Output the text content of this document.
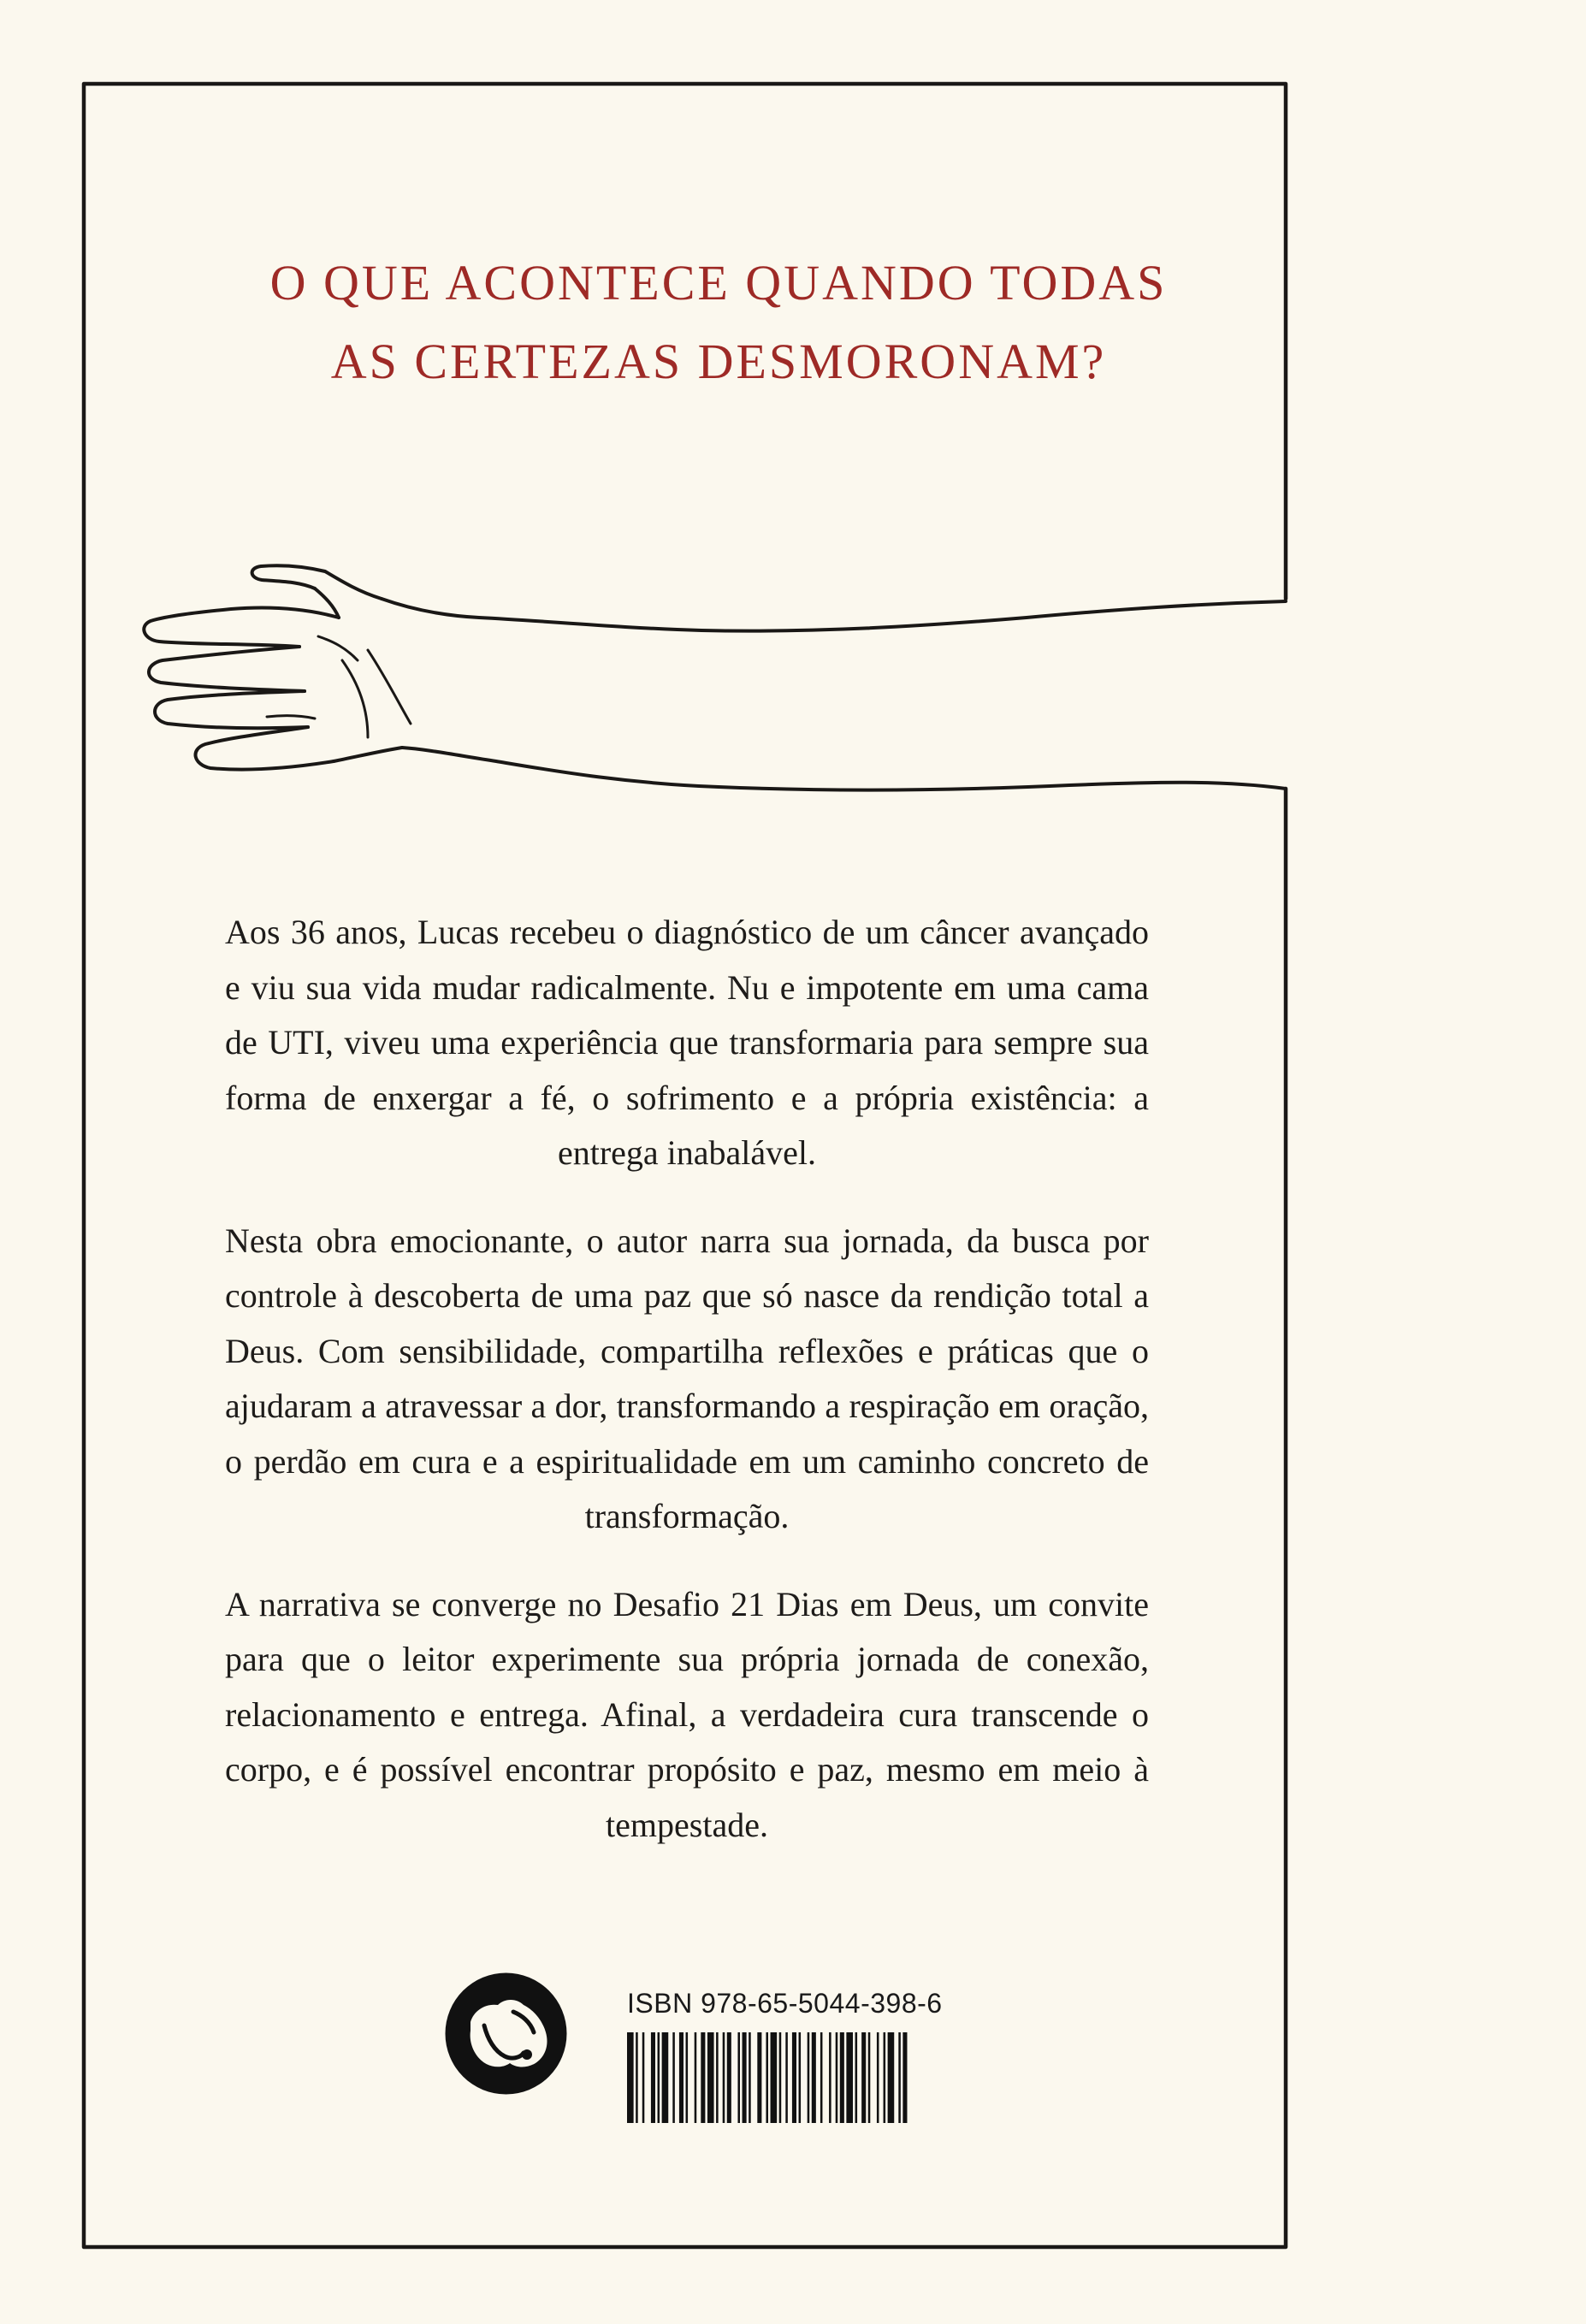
O QUE ACONTECE QUANDO TODAS
AS CERTEZAS DESMORONAM?

Aos 36 anos, Lucas recebeu o diagnóstico de um câncer avançado e viu sua vida mudar radicalmente. Nu e impotente em uma cama de UTI, viveu uma experiência que transformaria para sempre sua forma de enxergar a fé, o sofrimento e a própria existência: a entrega inabalável.

Nesta obra emocionante, o autor narra sua jornada, da busca por controle à descoberta de uma paz que só nasce da rendição total a Deus. Com sensibilidade, compartilha reflexões e práticas que o ajudaram a atravessar a dor, transformando a respiração em oração, o perdão em cura e a espiritualidade em um caminho concreto de transformação.

A narrativa se converge no Desafio 21 Dias em Deus, um convite para que o leitor experimente sua própria jornada de conexão, relacionamento e entrega. Afinal, a verdadeira cura transcende o corpo, e é possível encontrar propósito e paz, mesmo em meio à tempestade.

ISBN 978-65-5044-398-6
